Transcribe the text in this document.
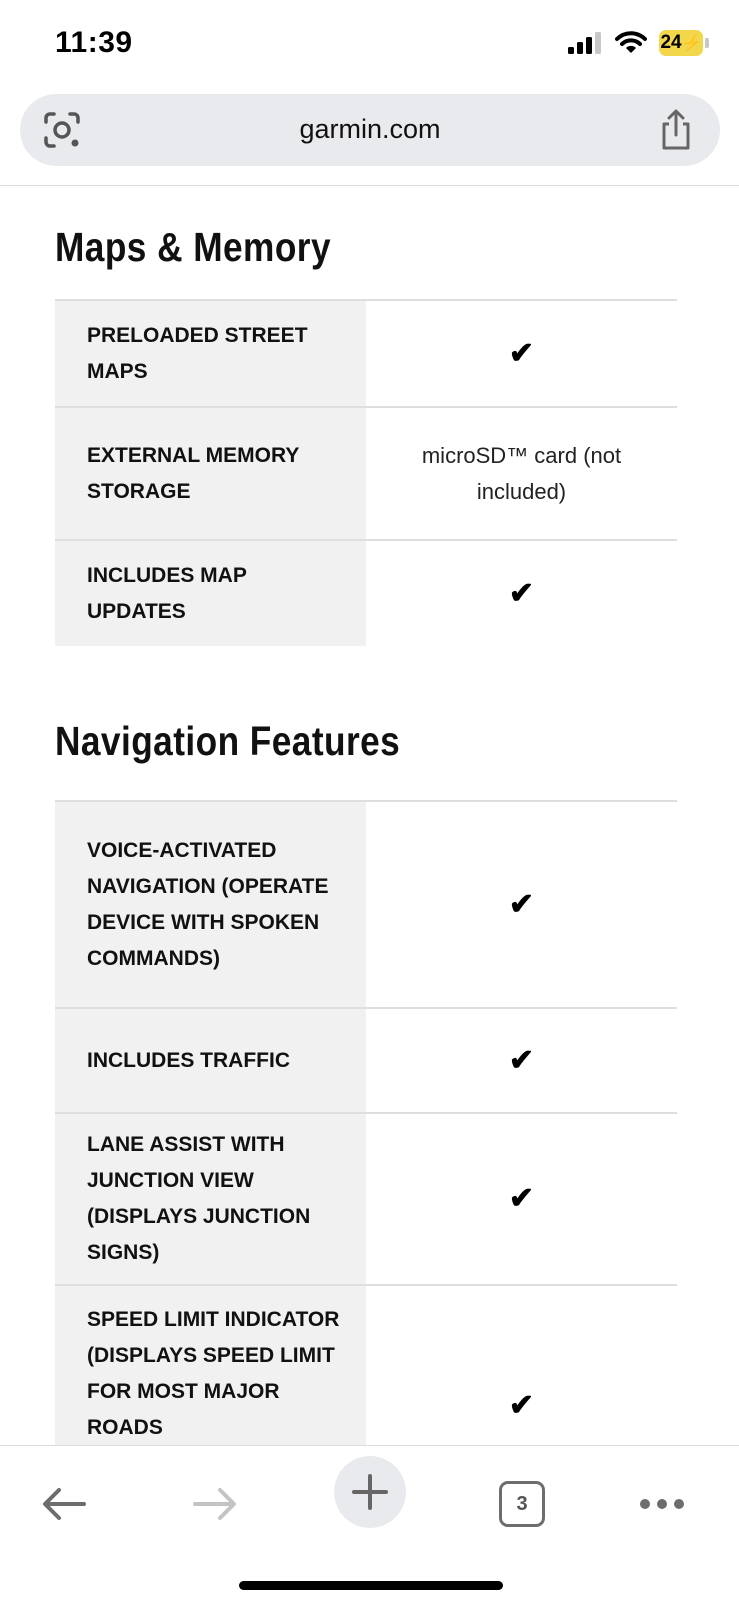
11:39	24 ⚡
garmin.com
Maps & Memory
PRELOADED STREET MAPS
✔
EXTERNAL MEMORY STORAGE
microSD™ card (not included)
INCLUDES MAP UPDATES
✔
Navigation Features
VOICE-ACTIVATED NAVIGATION (OPERATE DEVICE WITH SPOKEN COMMANDS)
✔
INCLUDES TRAFFIC	✔
LANE ASSIST WITH JUNCTION VIEW (DISPLAYS JUNCTION SIGNS)
✔
SPEED LIMIT INDICATOR (DISPLAYS SPEED LIMIT FOR MOST MAJOR ROADS
✔
3
